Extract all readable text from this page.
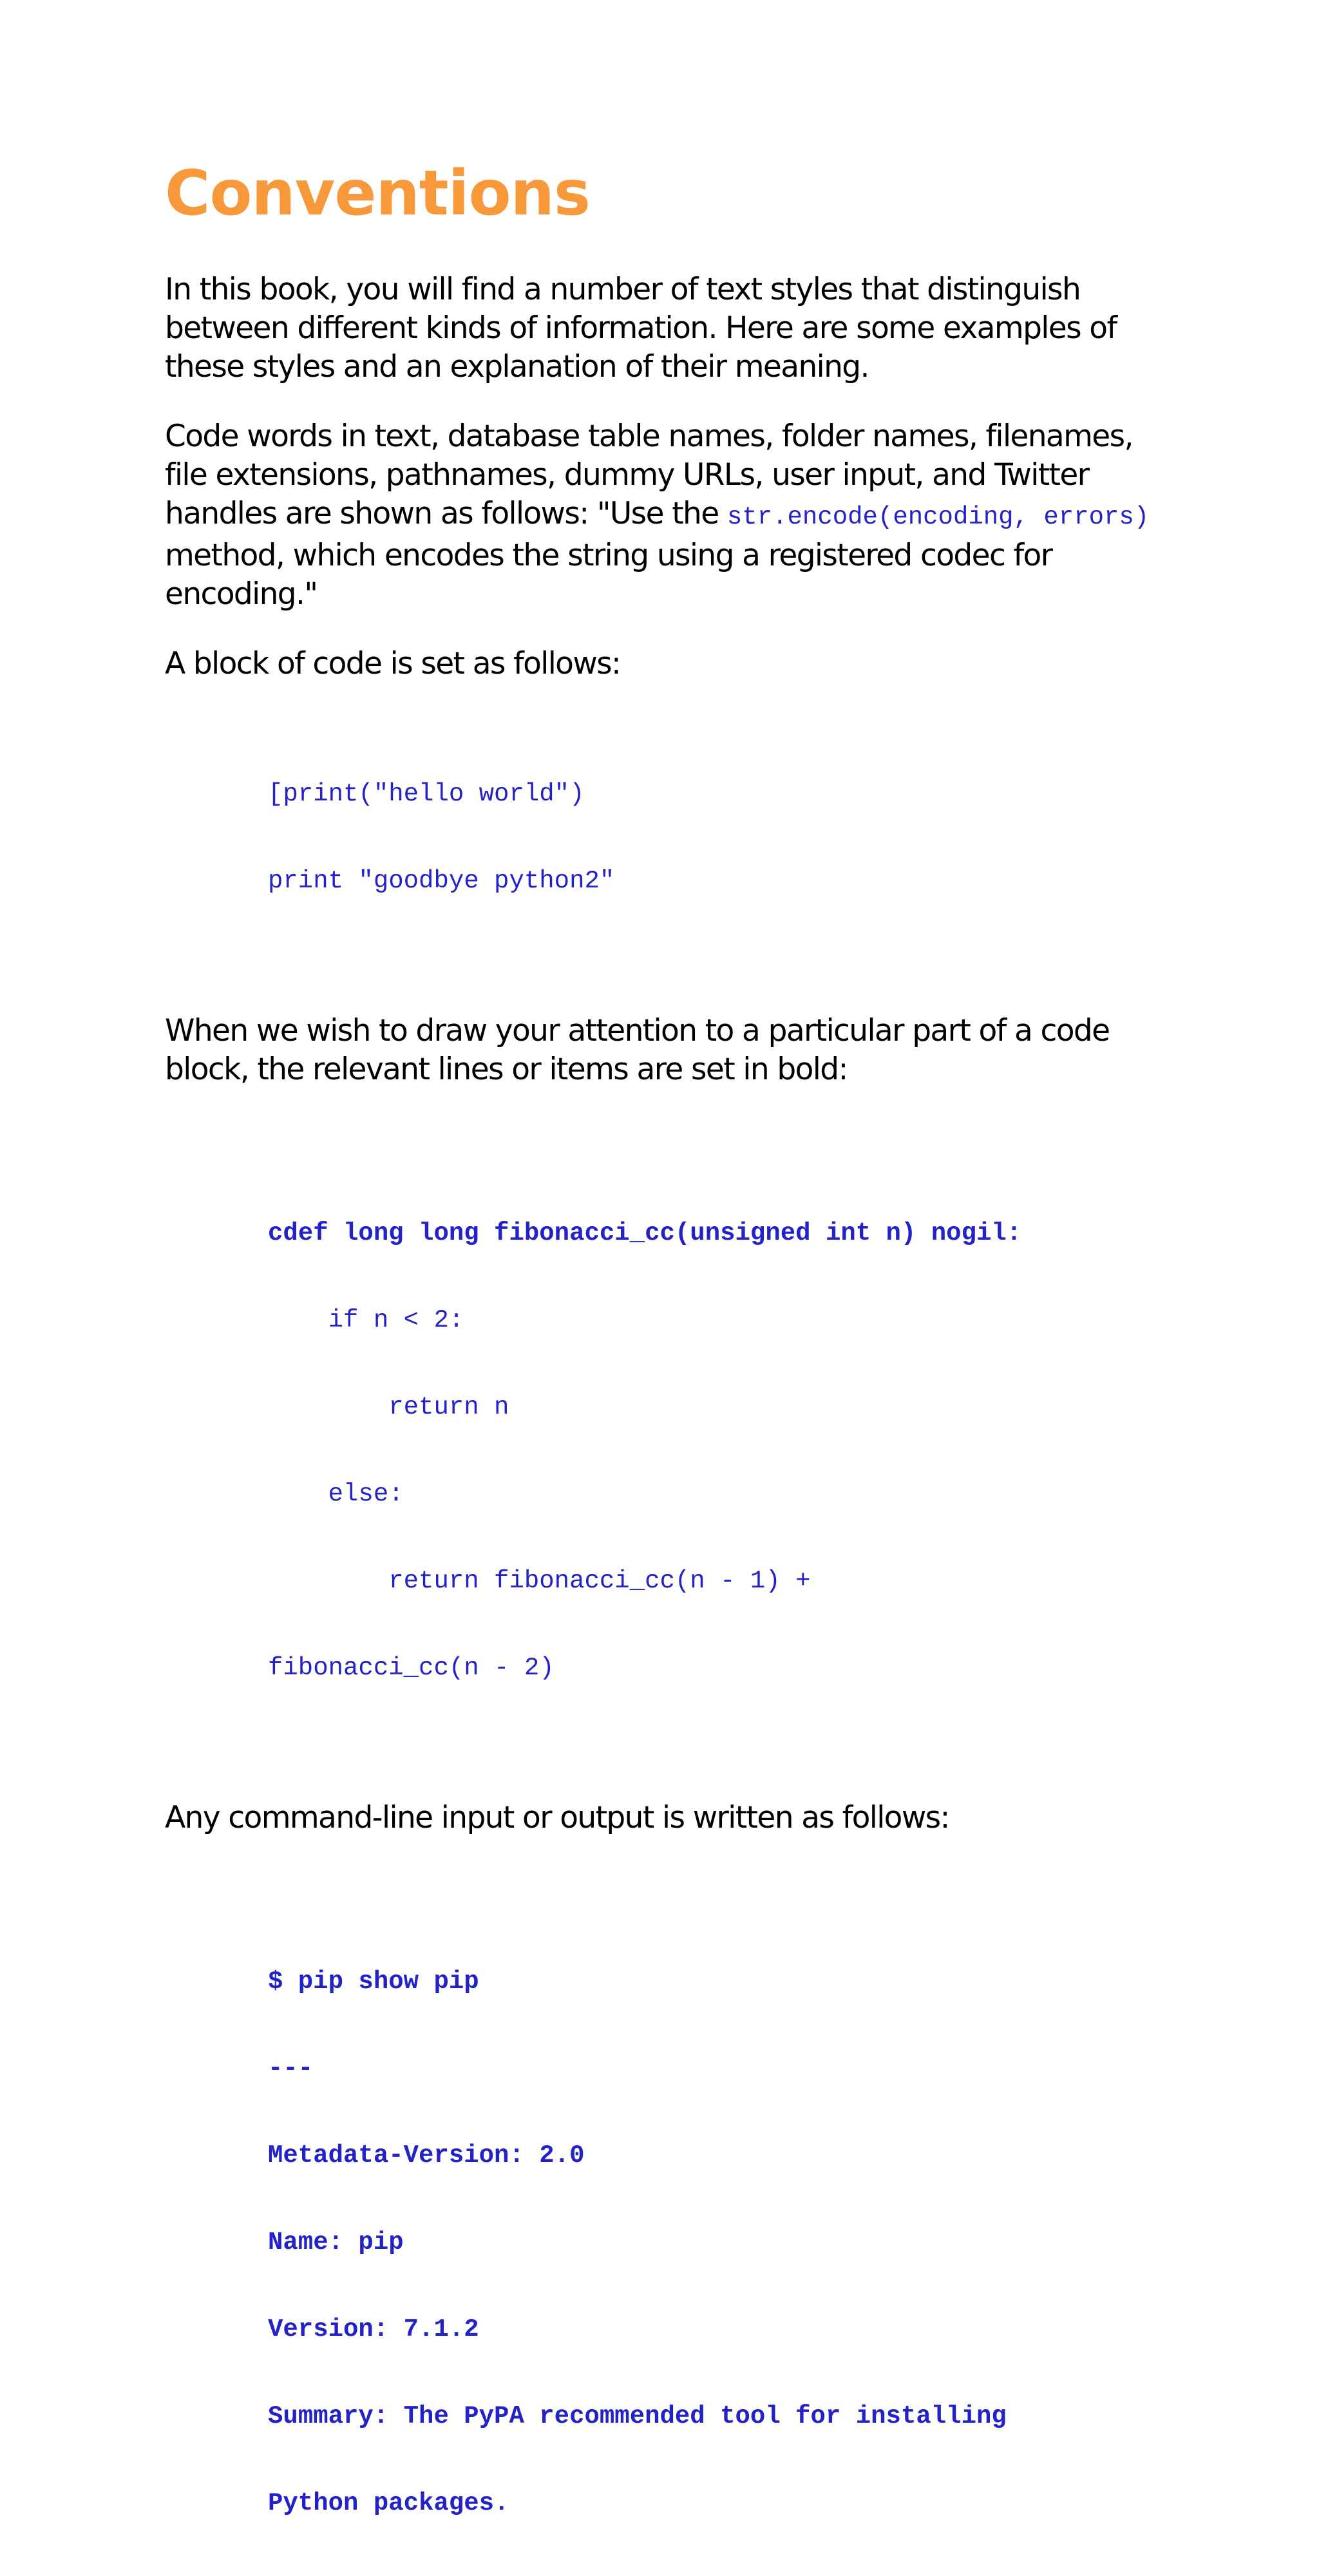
Conventions

In this book, you will find a number of text styles that distinguish between different kinds of information. Here are some examples of these styles and an explanation of their meaning.

Code words in text, database table names, folder names, filenames, file extensions, pathnames, dummy URLs, user input, and Twitter handles are shown as follows: "Use the str.encode(encoding, errors) method, which encodes the string using a registered codec for encoding."

A block of code is set as follows:

[print("hello world")

print "goodbye python2"

When we wish to draw your attention to a particular part of a code block, the relevant lines or items are set in bold:

cdef long long fibonacci_cc(unsigned int n) nogil:

if n < 2:

return n

else:

return fibonacci_cc(n - 1) +

fibonacci_cc(n - 2)

Any command-line input or output is written as follows:

$ pip show pip

---

Metadata-Version: 2.0

Name: pip

Version: 7.1.2

Summary: The PyPA recommended tool for installing

Python packages.
